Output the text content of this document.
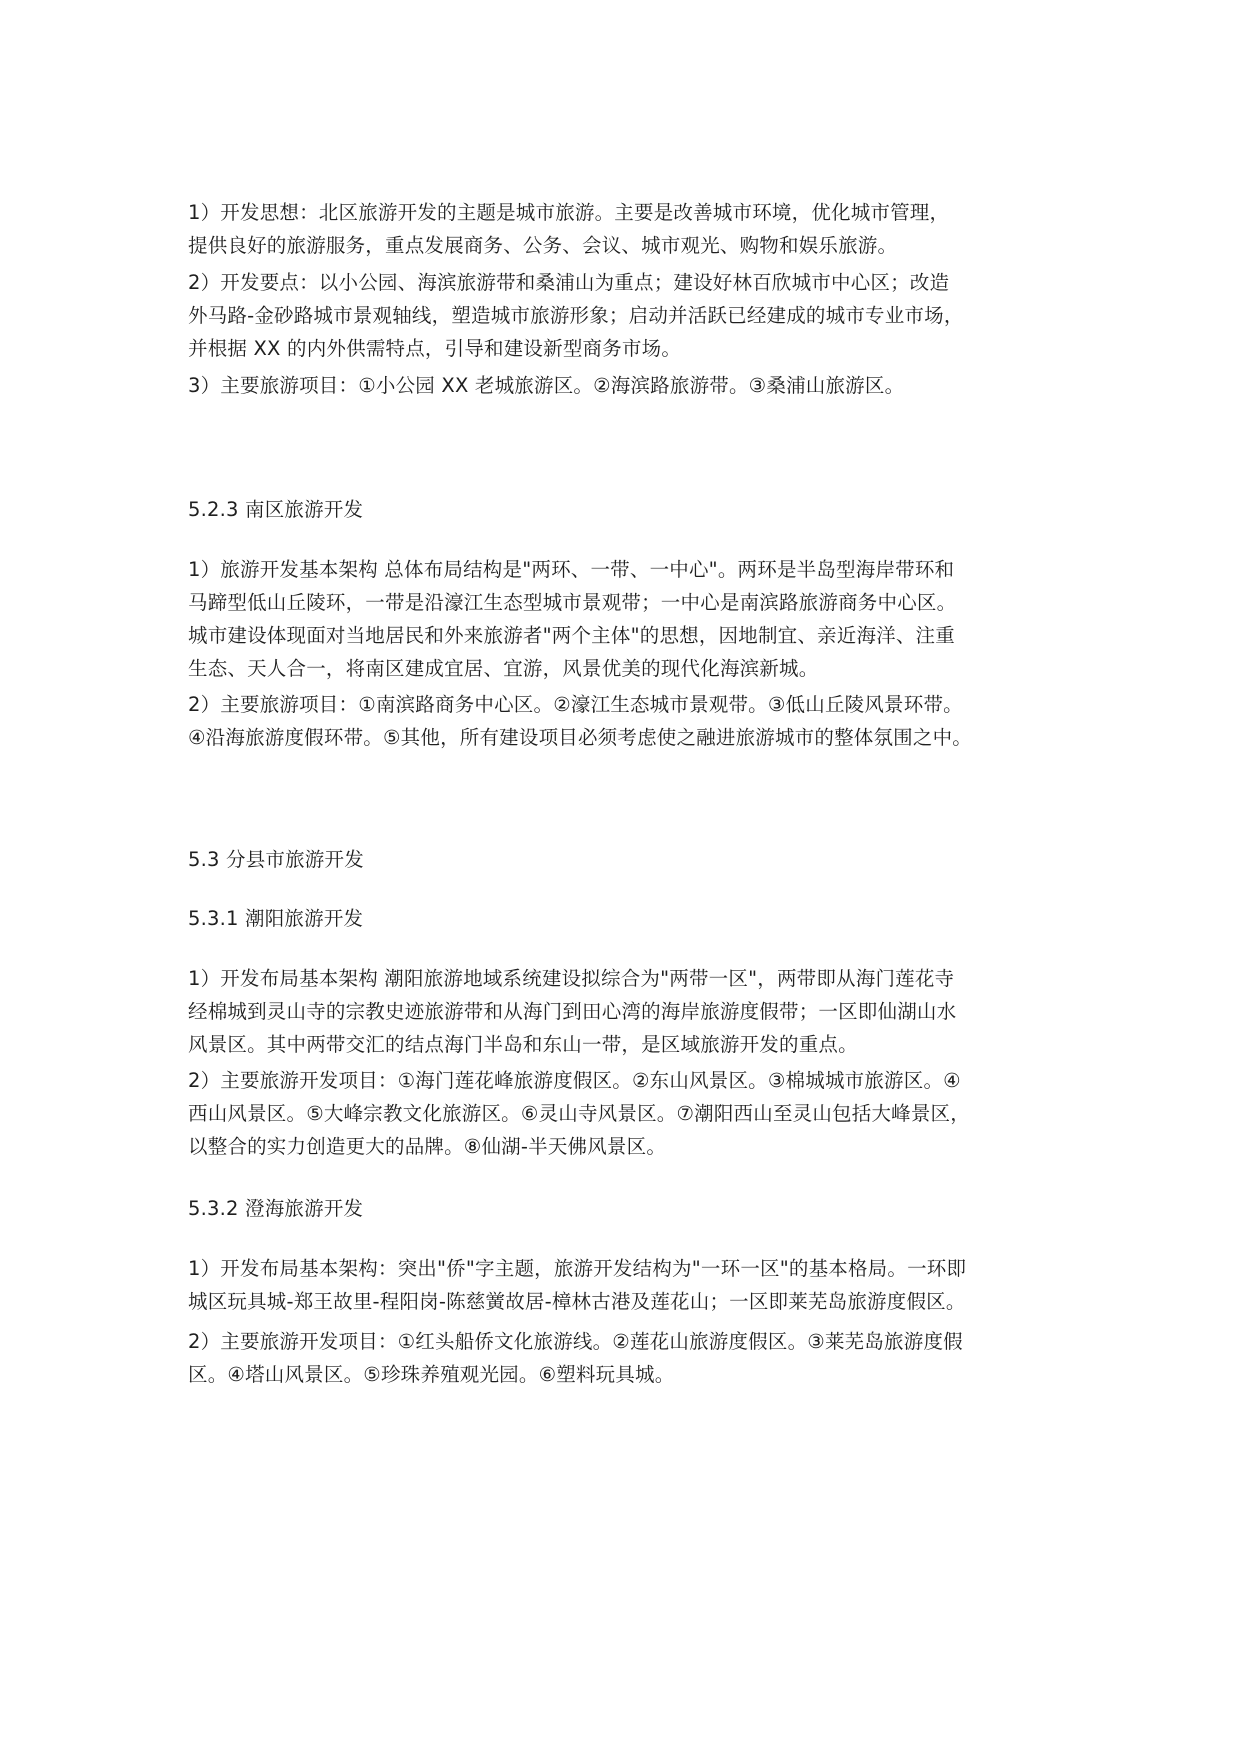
1）开发思想：北区旅游开发的主题是城市旅游。主要是改善城市环境，优化城市管理，
提供良好的旅游服务，重点发展商务、公务、会议、城市观光、购物和娱乐旅游。

2）开发要点：以小公园、海滨旅游带和桑浦山为重点；建设好林百欣城市中心区；改造
外马路-金砂路城市景观轴线，塑造城市旅游形象；启动并活跃已经建成的城市专业市场，
并根据 XX 的内外供需特点，引导和建设新型商务市场。

3）主要旅游项目：①小公园 XX 老城旅游区。②海滨路旅游带。③桑浦山旅游区。

5.2.3 南区旅游开发

1）旅游开发基本架构 总体布局结构是"两环、一带、一中心"。两环是半岛型海岸带环和
马蹄型低山丘陵环，一带是沿濠江生态型城市景观带；一中心是南滨路旅游商务中心区。
城市建设体现面对当地居民和外来旅游者"两个主体"的思想，因地制宜、亲近海洋、注重
生态、天人合一，将南区建成宜居、宜游，风景优美的现代化海滨新城。

2）主要旅游项目：①南滨路商务中心区。②濠江生态城市景观带。③低山丘陵风景环带。
④沿海旅游度假环带。⑤其他，所有建设项目必须考虑使之融进旅游城市的整体氛围之中。

5.3 分县市旅游开发

5.3.1 潮阳旅游开发

1）开发布局基本架构 潮阳旅游地域系统建设拟综合为"两带一区"，两带即从海门莲花寺
经棉城到灵山寺的宗教史迹旅游带和从海门到田心湾的海岸旅游度假带；一区即仙湖山水
风景区。其中两带交汇的结点海门半岛和东山一带，是区域旅游开发的重点。

2）主要旅游开发项目：①海门莲花峰旅游度假区。②东山风景区。③棉城城市旅游区。④
西山风景区。⑤大峰宗教文化旅游区。⑥灵山寺风景区。⑦潮阳西山至灵山包括大峰景区，
以整合的实力创造更大的品牌。⑧仙湖-半天佛风景区。

5.3.2 澄海旅游开发

1）开发布局基本架构：突出"侨"字主题，旅游开发结构为"一环一区"的基本格局。一环即
城区玩具城-郑王故里-程阳岗-陈慈黉故居-樟林古港及莲花山；一区即莱芜岛旅游度假区。

2）主要旅游开发项目：①红头船侨文化旅游线。②莲花山旅游度假区。③莱芜岛旅游度假
区。④塔山风景区。⑤珍珠养殖观光园。⑥塑料玩具城。
